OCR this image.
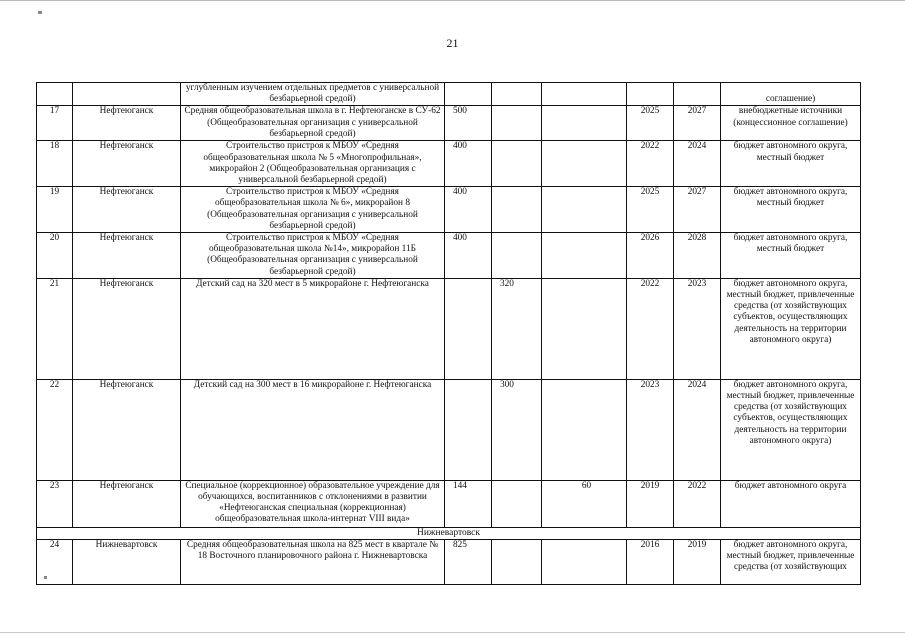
21
		углубленным изучением отдельных предметов с универсальной безбарьерной средой)						соглашение)
17	Нефтеюганск	Средняя общеобразовательная школа в г. Нефтеюганске в СУ-62 (Общеобразовательная организация с универсальной безбарьерной средой)	500			2025	2027	внебюджетные источники (концессионное соглашение)
18	Нефтеюганск	Строительство пристроя к МБОУ «Средняя общеобразовательная школа № 5 «Многопрофильная», микрорайон 2 (Общеобразовательная организация с универсальной безбарьерной средой)	400			2022	2024	бюджет автономного округа, местный бюджет
19	Нефтеюганск	Строительство пристроя к МБОУ «Средняя общеобразовательная школа № 6», микрорайон 8 (Общеобразовательная организация с универсальной безбарьерной средой)	400			2025	2027	бюджет автономного округа, местный бюджет
20	Нефтеюганск	Строительство пристроя к МБОУ «Средняя общеобразовательная школа №14», микрорайон 11Б (Общеобразовательная организация с универсальной безбарьерной средой)	400			2026	2028	бюджет автономного округа, местный бюджет
21	Нефтеюганск	Детский сад на 320 мест в 5 микрорайоне г. Нефтеюганска		320		2022	2023	бюджет автономного округа, местный бюджет, привлеченные средства (от хозяйствующих субъектов, осуществляющих деятельность на территории автономного округа)
22	Нефтеюганск	Детский сад на 300 мест в 16 микрорайоне г. Нефтеюганска		300		2023	2024	бюджет автономного округа, местный бюджет, привлеченные средства (от хозяйствующих субъектов, осуществляющих деятельность на территории автономного округа)
23	Нефтеюганск	Специальное (коррекционное) образовательное учреждение для обучающихся, воспитанников с отклонениями в развитии «Нефтеюганская специальная (коррекционная) общеобразовательная школа-интернат VIII вида»	144		60	2019	2022	бюджет автономного округа
Нижневартовск								
24	Нижневартовск	Средняя общеобразовательная школа на 825 мест в квартале № 18 Восточного планировочного района г. Нижневартовска	825			2016	2019	бюджет автономного округа, местный бюджет, привлеченные средства (от хозяйствующих
